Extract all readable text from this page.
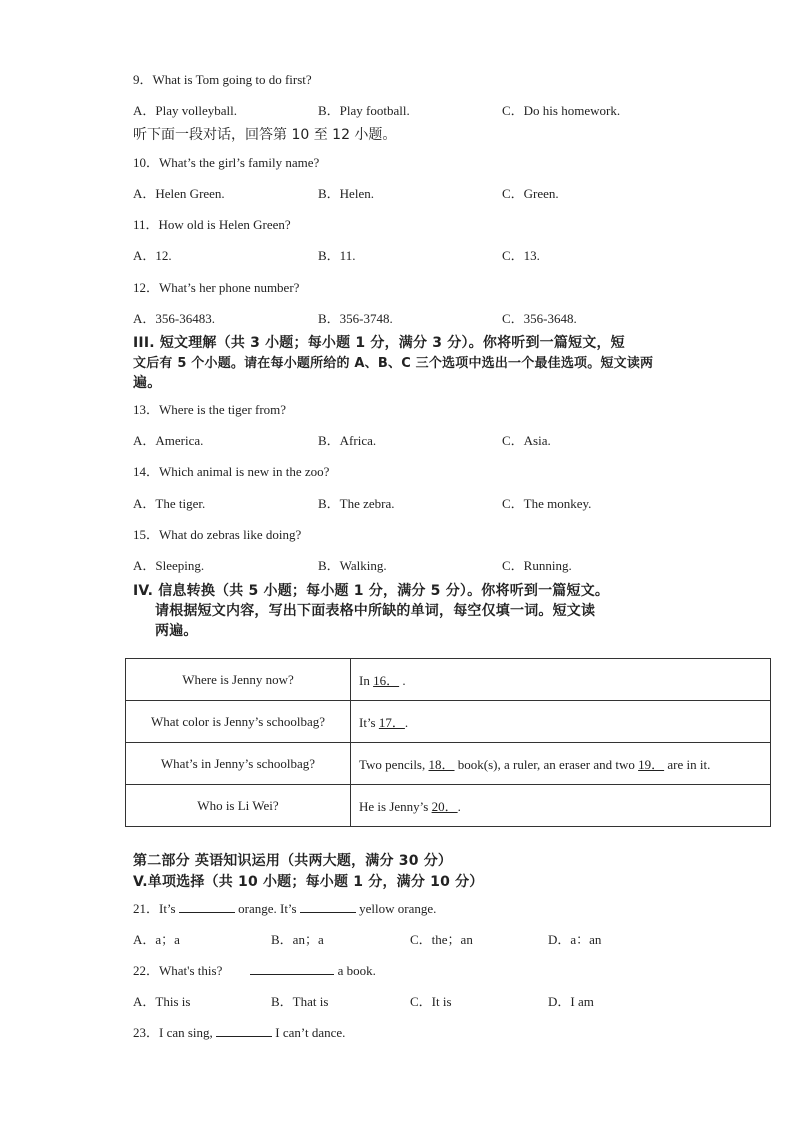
9．What is Tom going to do first?
A．Play volleyball.	B．Play football.	C．Do his homework.
听下面一段对话，回答第 10 至 12 小题。
10．What’s the girl’s family name?
A．Helen Green.	B．Helen.	C．Green.
11．How old is Helen Green?
A．12.	B．11.	C．13.
12．What’s her phone number?
A．356-36483.	B．356-3748.	C．356-3648.
III. 短文理解（共 3 小题；每小题 1 分，满分 3 分）。你将听到一篇短文，短
文后有 5 个小题。请在每小题所给的 A、B、C 三个选项中选出一个最佳选项。短文读两
遍。
13．Where is the tiger from?
A．America.	B．Africa.	C．Asia.
14．Which animal is new in the zoo?
A．The tiger.	B．The zebra.	C．The monkey.
15．What do zebras like doing?
A．Sleeping.	B．Walking.	C．Running.
IV. 信息转换（共 5 小题；每小题 1 分，满分 5 分）。你将听到一篇短文。
请根据短文内容，写出下面表格中所缺的单词，每空仅填一词。短文读
两遍。
Where is Jenny now?	In 16． .
What color is Jenny’s schoolbag?	It’s 17．.
What’s in Jenny’s schoolbag?	Two pencils, 18． book(s), a ruler, an eraser and two 19． are in it.
Who is Li Wei?	He is Jenny’s 20．.
第二部分 英语知识运用（共两大题，满分 30 分）
V.单项选择（共 10 小题；每小题 1 分，满分 10 分）
21．It’s	orange. It’s	yellow orange.
A．a；a	B．an；a	C．the；an	D．a：an
22．What's this?	a book.
A．This is	B．That is	C．It is	D．I am
23．I can sing,	I can’t dance.
